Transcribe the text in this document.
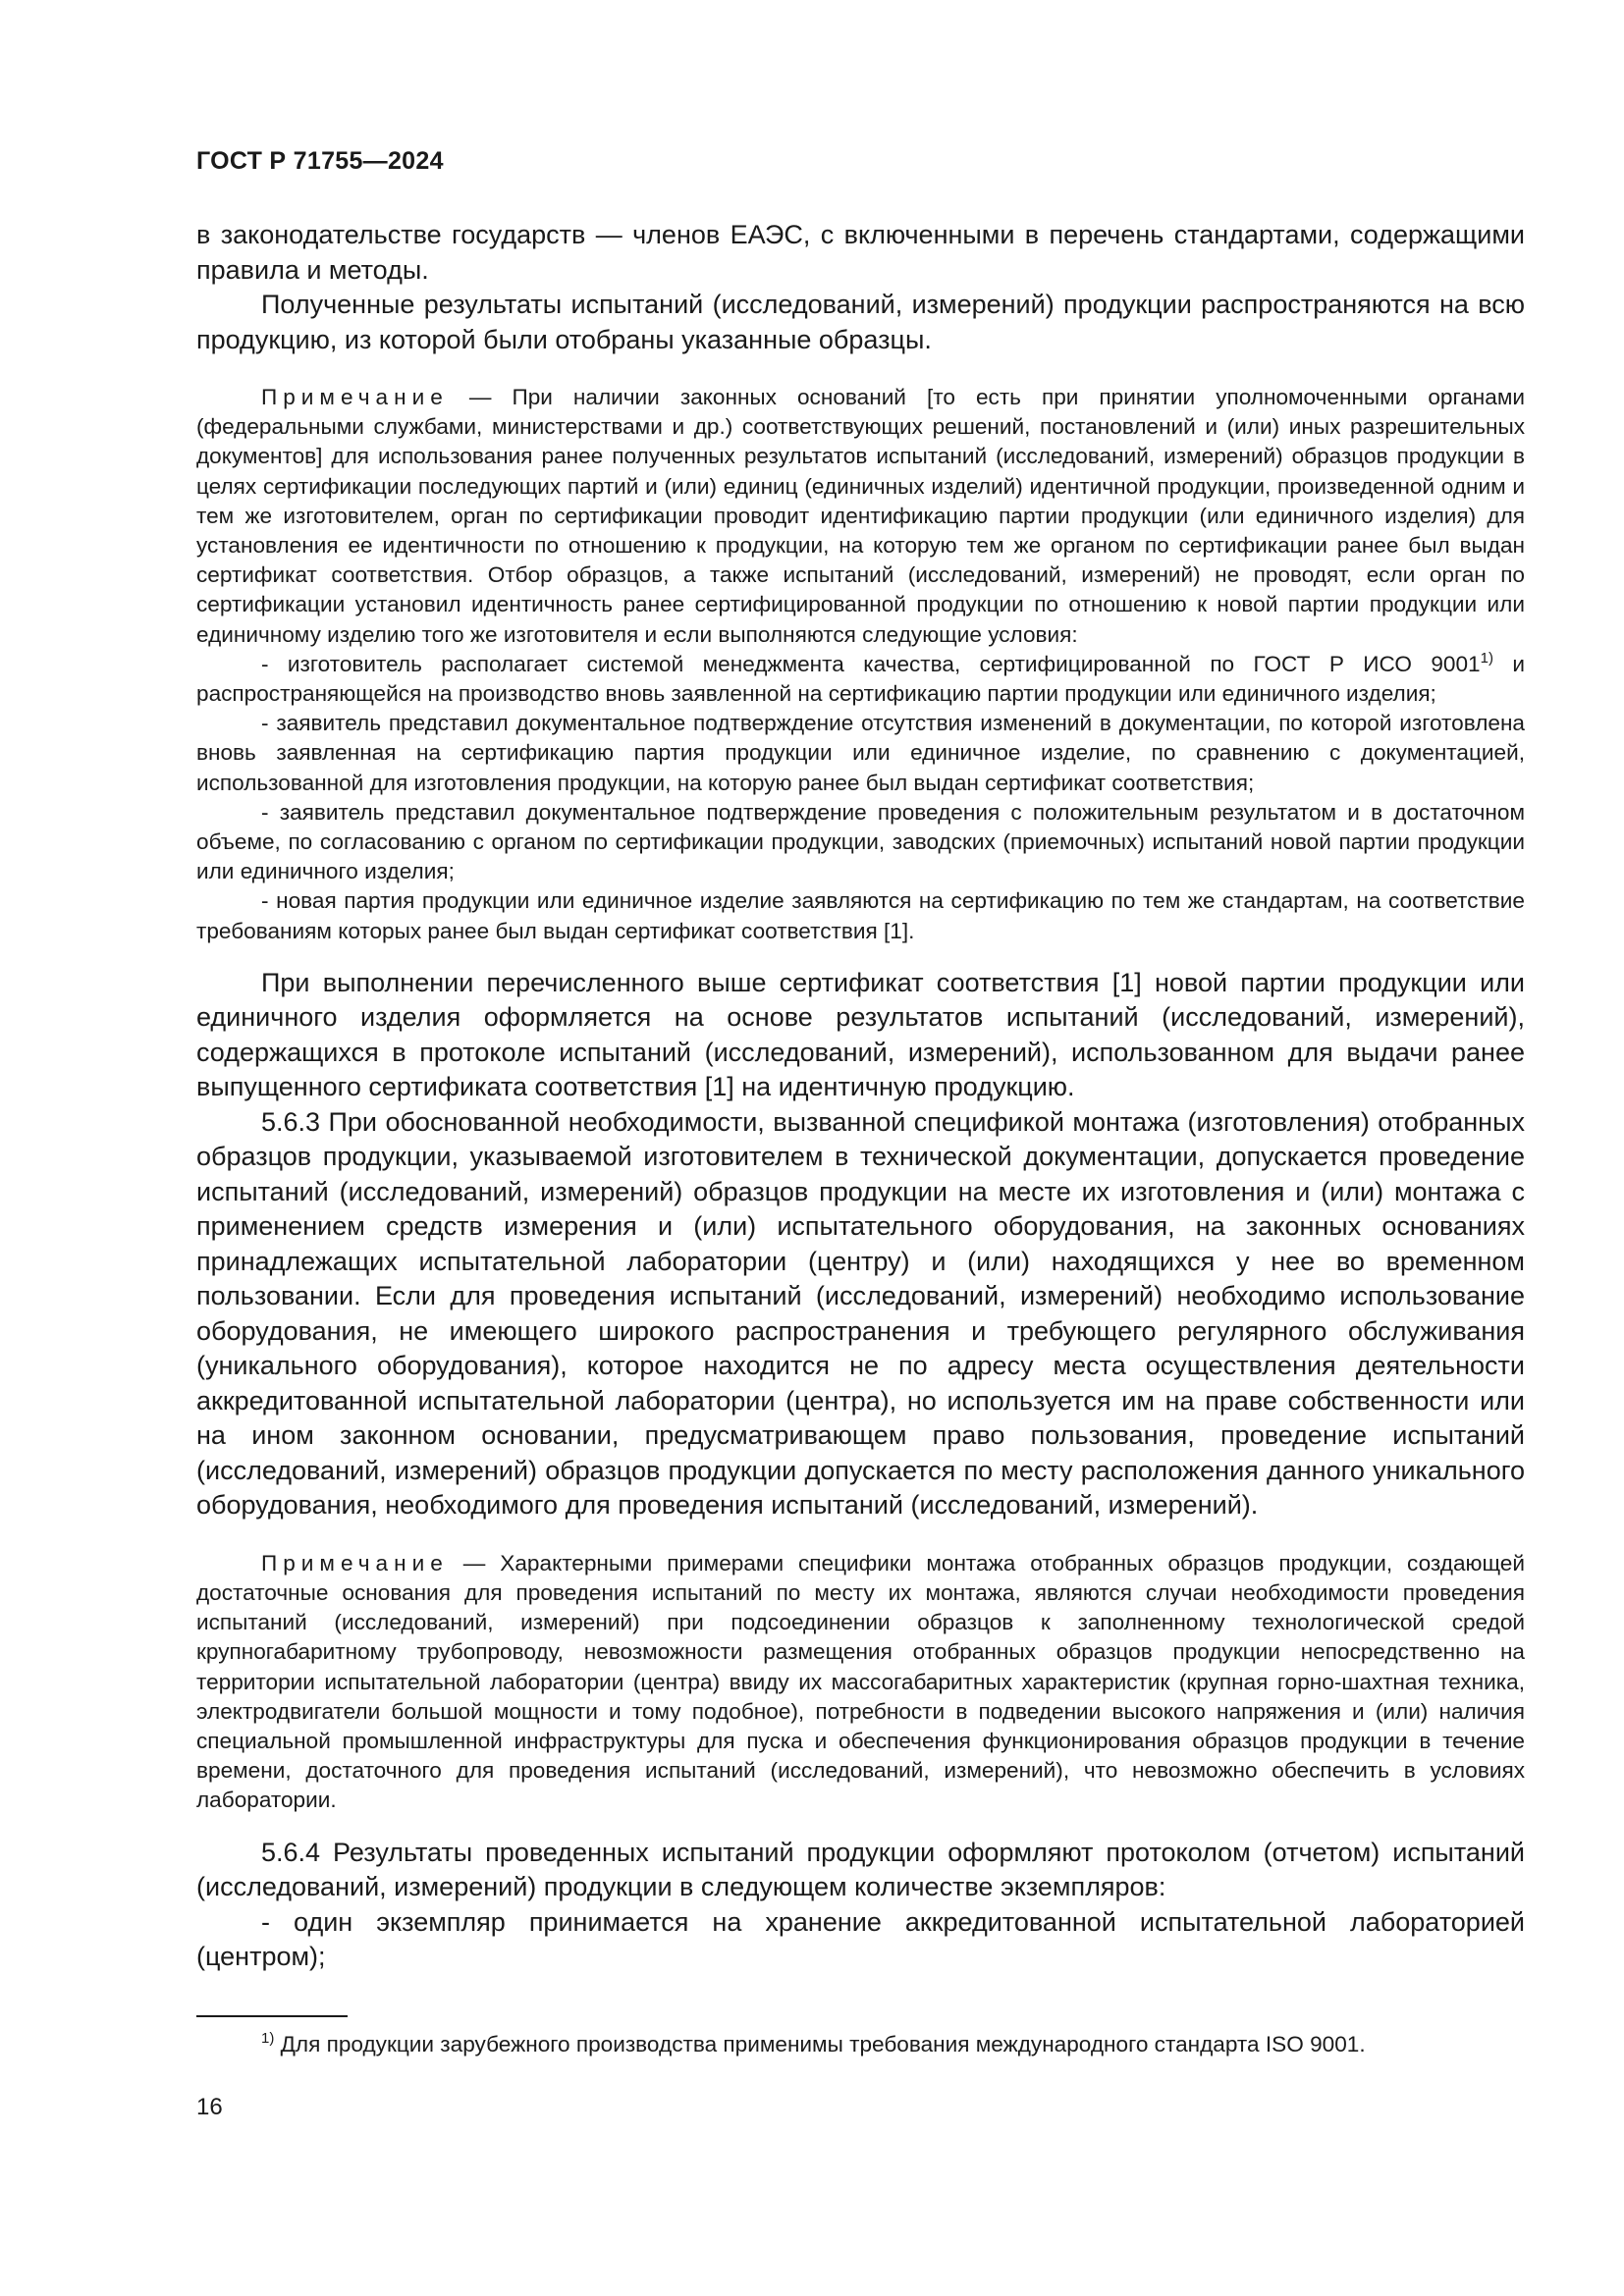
ГОСТ Р 71755—2024

в законодательстве государств — членов ЕАЭС, с включенными в перечень стандартами, содержащими правила и методы.

Полученные результаты испытаний (исследований, измерений) продукции распространяются на всю продукцию, из которой были отобраны указанные образцы.

Примечание — При наличии законных оснований [то есть при принятии уполномоченными органами (федеральными службами, министерствами и др.) соответствующих решений, постановлений и (или) иных разрешительных документов] для использования ранее полученных результатов испытаний (исследований, измерений) образцов продукции в целях сертификации последующих партий и (или) единиц (единичных изделий) идентичной продукции, произведенной одним и тем же изготовителем, орган по сертификации проводит идентификацию партии продукции (или единичного изделия) для установления ее идентичности по отношению к продукции, на которую тем же органом по сертификации ранее был выдан сертификат соответствия. Отбор образцов, а также испытаний (исследований, измерений) не проводят, если орган по сертификации установил идентичность ранее сертифицированной продукции по отношению к новой партии продукции или единичному изделию того же изготовителя и если выполняются следующие условия:

- изготовитель располагает системой менеджмента качества, сертифицированной по ГОСТ Р ИСО 9001$^{1)}$ и распространяющейся на производство вновь заявленной на сертификацию партии продукции или единичного изделия;

- заявитель представил документальное подтверждение отсутствия изменений в документации, по которой изготовлена вновь заявленная на сертификацию партия продукции или единичное изделие, по сравнению с документацией, использованной для изготовления продукции, на которую ранее был выдан сертификат соответствия;

- заявитель представил документальное подтверждение проведения с положительным результатом и в достаточном объеме, по согласованию с органом по сертификации продукции, заводских (приемочных) испытаний новой партии продукции или единичного изделия;

- новая партия продукции или единичное изделие заявляются на сертификацию по тем же стандартам, на соответствие требованиям которых ранее был выдан сертификат соответствия [1].

При выполнении перечисленного выше сертификат соответствия [1] новой партии продукции или единичного изделия оформляется на основе результатов испытаний (исследований, измерений), содержащихся в протоколе испытаний (исследований, измерений), использованном для выдачи ранее выпущенного сертификата соответствия [1] на идентичную продукцию.

5.6.3 При обоснованной необходимости, вызванной спецификой монтажа (изготовления) отобранных образцов продукции, указываемой изготовителем в технической документации, допускается проведение испытаний (исследований, измерений) образцов продукции на месте их изготовления и (или) монтажа с применением средств измерения и (или) испытательного оборудования, на законных основаниях принадлежащих испытательной лаборатории (центру) и (или) находящихся у нее во временном пользовании. Если для проведения испытаний (исследований, измерений) необходимо использование оборудования, не имеющего широкого распространения и требующего регулярного обслуживания (уникального оборудования), которое находится не по адресу места осуществления деятельности аккредитованной испытательной лаборатории (центра), но используется им на праве собственности или на ином законном основании, предусматривающем право пользования, проведение испытаний (исследований, измерений) образцов продукции допускается по месту расположения данного уникального оборудования, необходимого для проведения испытаний (исследований, измерений).

Примечание — Характерными примерами специфики монтажа отобранных образцов продукции, создающей достаточные основания для проведения испытаний по месту их монтажа, являются случаи необходимости проведения испытаний (исследований, измерений) при подсоединении образцов к заполненному технологической средой крупногабаритному трубопроводу, невозможности размещения отобранных образцов продукции непосредственно на территории испытательной лаборатории (центра) ввиду их массогабаритных характеристик (крупная горно-шахтная техника, электродвигатели большой мощности и тому подобное), потребности в подведении высокого напряжения и (или) наличия специальной промышленной инфраструктуры для пуска и обеспечения функционирования образцов продукции в течение времени, достаточного для проведения испытаний (исследований, измерений), что невозможно обеспечить в условиях лаборатории.

5.6.4 Результаты проведенных испытаний продукции оформляют протоколом (отчетом) испытаний (исследований, измерений) продукции в следующем количестве экземпляров:

- один экземпляр принимается на хранение аккредитованной испытательной лабораторией (центром);

$^{1)}$ Для продукции зарубежного производства применимы требования международного стандарта ISO 9001.
16
